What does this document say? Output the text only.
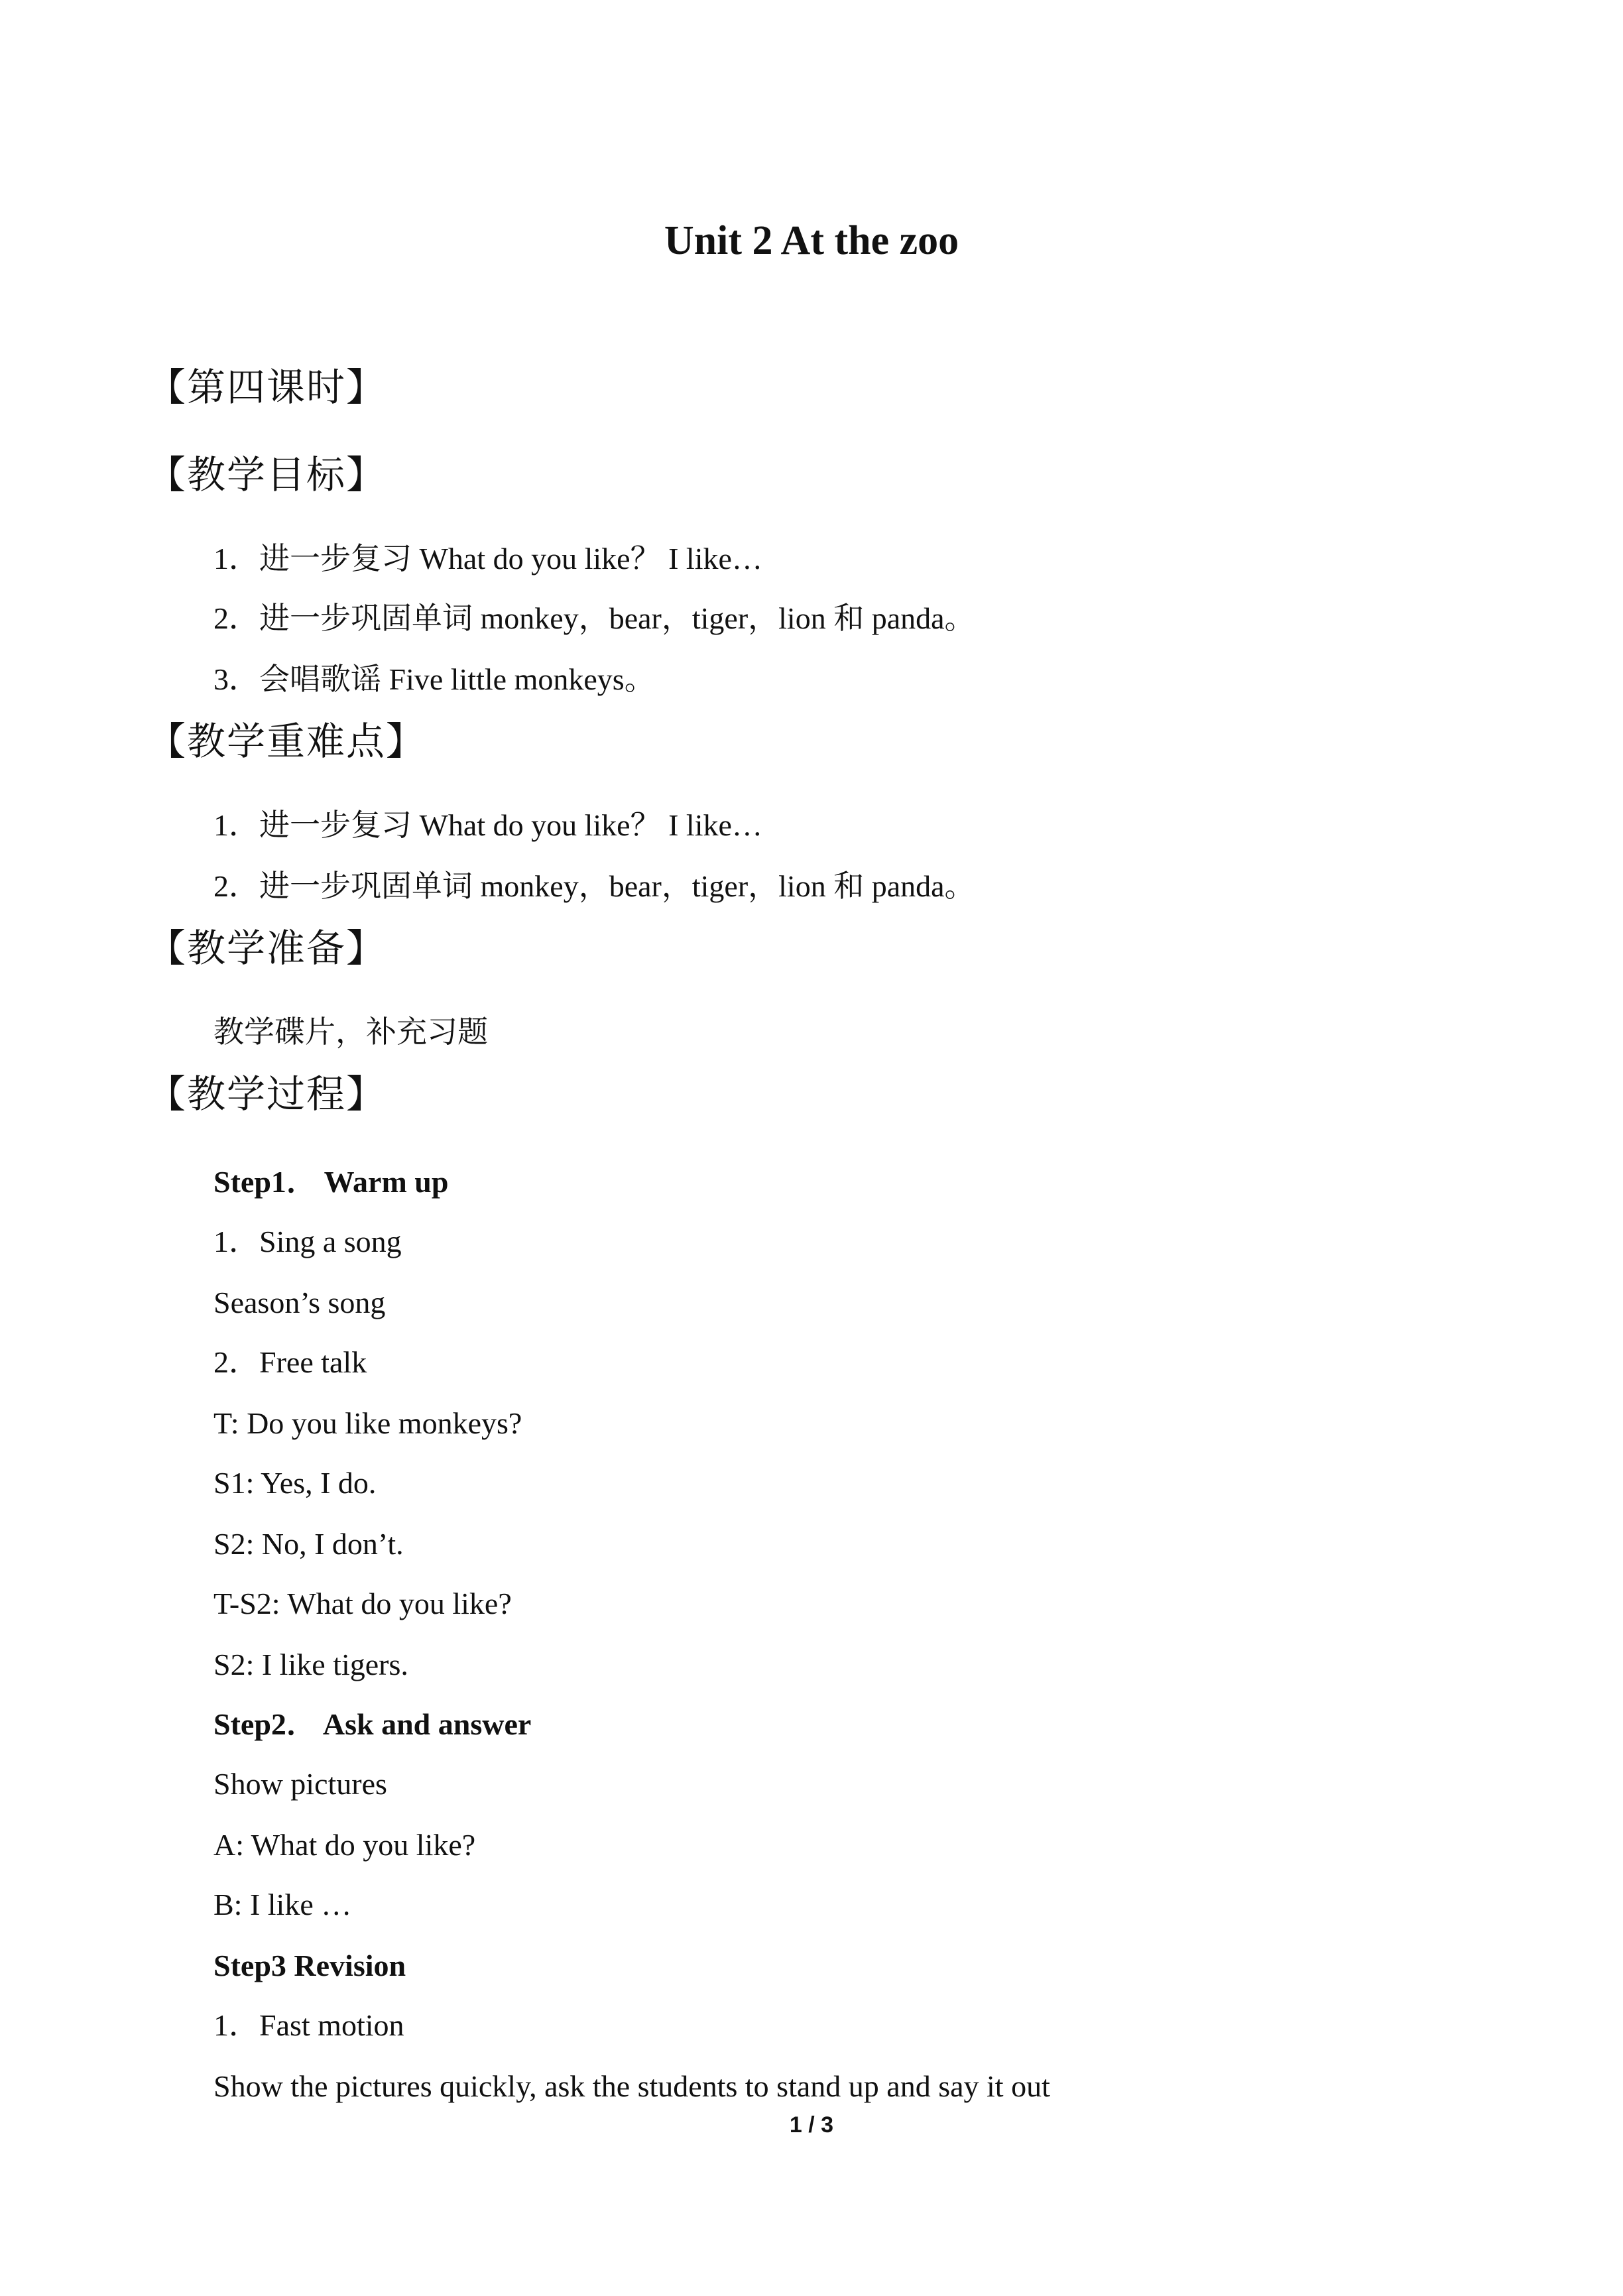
Unit 2 At the zoo
【第四课时】
【教学目标】
1．进一步复习 What do you like？ I like…
2．进一步巩固单词 monkey，bear，tiger，lion 和 panda。
3．会唱歌谣 Five little monkeys。
【教学重难点】
1．进一步复习 What do you like？ I like…
2．进一步巩固单词 monkey，bear，tiger，lion 和 panda。
【教学准备】
教学碟片，补充习题
【教学过程】
Step1． Warm up
1．Sing a song
Season’s song
2．Free talk
T: Do you like monkeys?
S1: Yes, I do.
S2: No, I don’t.
T-S2: What do you like?
S2: I like tigers.
Step2． Ask and answer
Show pictures
A: What do you like?
B: I like …
Step3 Revision
1．Fast motion
Show the pictures quickly, ask the students to stand up and say it out
1 / 3
